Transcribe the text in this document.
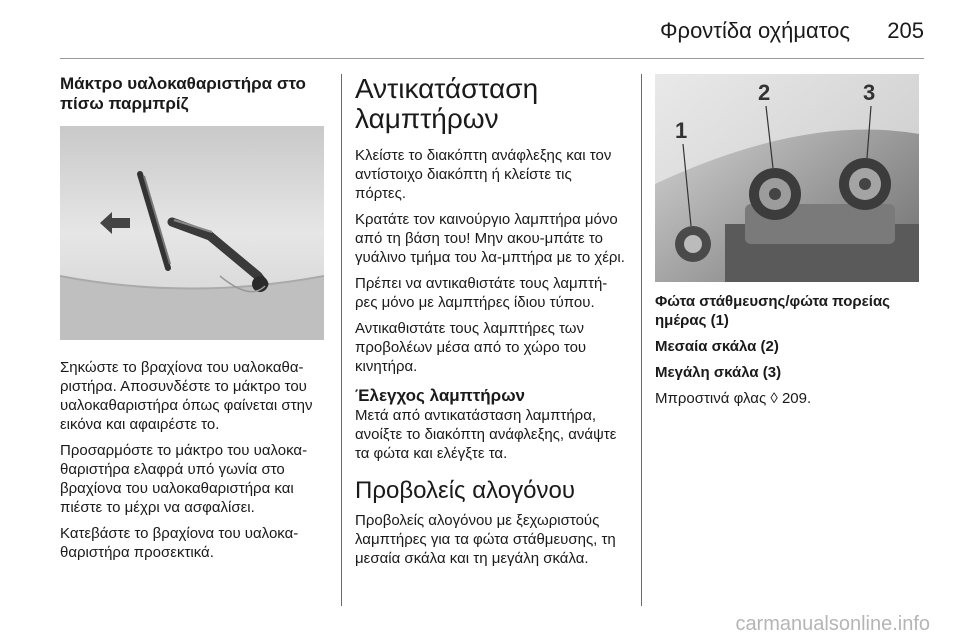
Φροντίδα οχήματος 205
Μάκτρο υαλοκαθαριστήρα στο πίσω παρμπρίζ

Σηκώστε το βραχίονα του υαλοκαθα-ριστήρα. Αποσυνδέστε το μάκτρο του υαλοκαθαριστήρα όπως φαίνεται στην εικόνα και αφαιρέστε το.

Προσαρμόστε το μάκτρο του υαλοκα-θαριστήρα ελαφρά υπό γωνία στο βραχίονα του υαλοκαθαριστήρα και πιέστε το μέχρι να ασφαλίσει.

Κατεβάστε το βραχίονα του υαλοκα-θαριστήρα προσεκτικά.

Αντικατάσταση λαμπτήρων

Κλείστε το διακόπτη ανάφλεξης και τον αντίστοιχο διακόπτη ή κλείστε τις πόρτες.

Κρατάτε τον καινούργιο λαμπτήρα μόνο από τη βάση του! Μην ακου-μπάτε το γυάλινο τμήμα του λα-μπτήρα με το χέρι.

Πρέπει να αντικαθιστάτε τους λαμπτή-ρες μόνο με λαμπτήρες ίδιου τύπου.

Αντικαθιστάτε τους λαμπτήρες των προβολέων μέσα από το χώρο του κινητήρα.

Έλεγχος λαμπτήρων

Μετά από αντικατάσταση λαμπτήρα, ανοίξτε το διακόπτη ανάφλεξης, ανάψτε τα φώτα και ελέγξτε τα.

Προβολείς αλογόνου

Προβολείς αλογόνου με ξεχωριστούς λαμπτήρες για τα φώτα στάθμευσης, τη μεσαία σκάλα και τη μεγάλη σκάλα.

1
2	3
Φώτα στάθμευσης/φώτα πορείας ημέρας (1)
Μεσαία σκάλα (2)
Μεγάλη σκάλα (3)

Μπροστινά φλας ◊ 209.

carmanualsonline.info
